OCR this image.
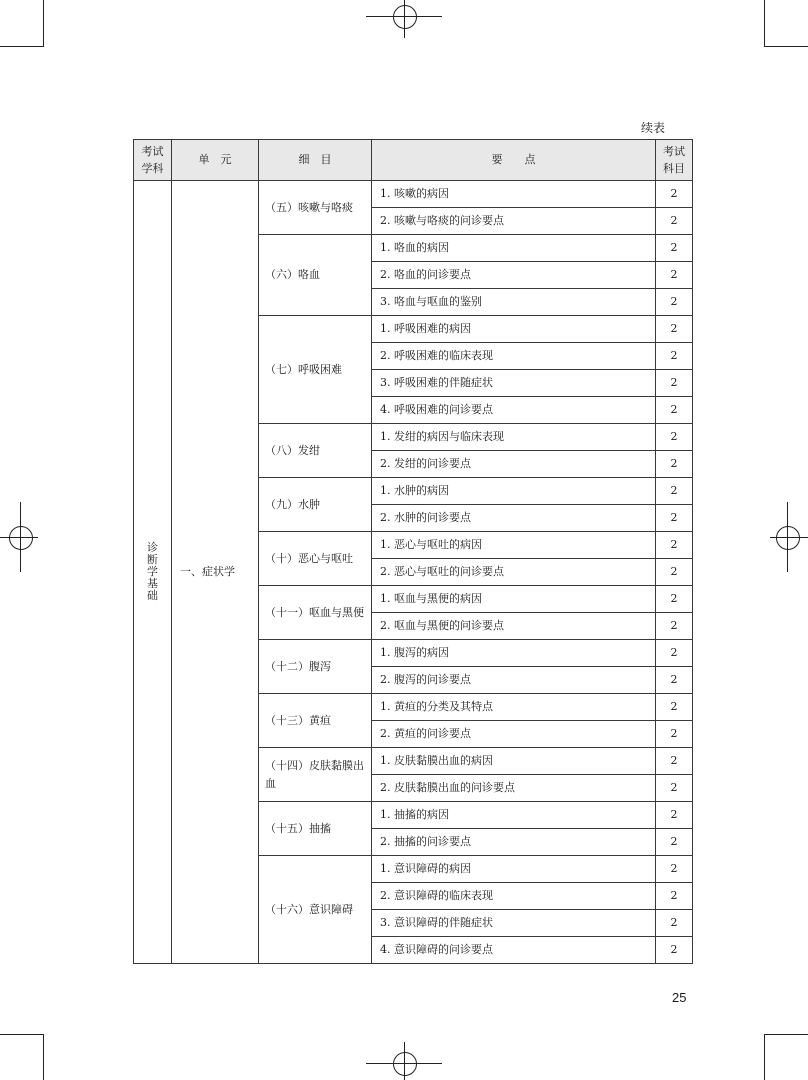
续表
考试学科	单　元	细　目	要　　点	考试科目
诊断学基础	一、症状学	（五）咳嗽与咯痰	1. 咳嗽的病因	2
			2. 咳嗽与咯痰的问诊要点	2
		（六）咯血	1. 咯血的病因	2
			2. 咯血的问诊要点	2
			3. 咯血与呕血的鉴别	2
		（七）呼吸困难	1. 呼吸困难的病因	2
			2. 呼吸困难的临床表现	2
			3. 呼吸困难的伴随症状	2
			4. 呼吸困难的问诊要点	2
		（八）发绀	1. 发绀的病因与临床表现	2
			2. 发绀的问诊要点	2
		（九）水肿	1. 水肿的病因	2
			2. 水肿的问诊要点	2
		（十）恶心与呕吐	1. 恶心与呕吐的病因	2
			2. 恶心与呕吐的问诊要点	2
		（十一）呕血与黑便	1. 呕血与黑便的病因	2
			2. 呕血与黑便的问诊要点	2
		（十二）腹泻	1. 腹泻的病因	2
			2. 腹泻的问诊要点	2
		（十三）黄疸	1. 黄疸的分类及其特点	2
			2. 黄疸的问诊要点	2
		（十四）皮肤黏膜出血	1. 皮肤黏膜出血的病因	2
			2. 皮肤黏膜出血的问诊要点	2
		（十五）抽搐	1. 抽搐的病因	2
			2. 抽搐的问诊要点	2
		（十六）意识障碍	1. 意识障碍的病因	2
			2. 意识障碍的临床表现	2
			3. 意识障碍的伴随症状	2
			4. 意识障碍的问诊要点	2
25
